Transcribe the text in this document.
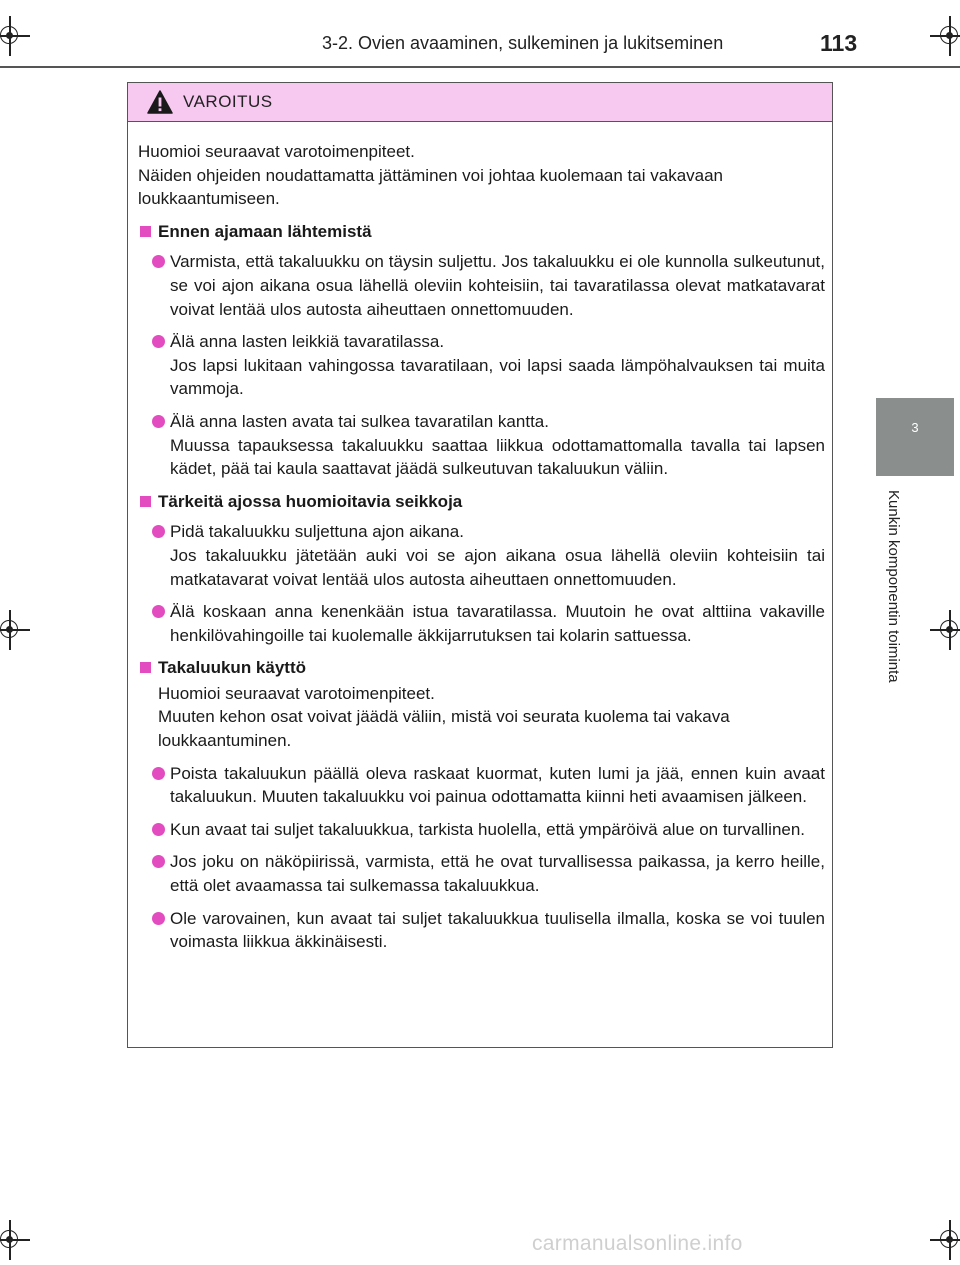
3-2. Ovien avaaminen, sulkeminen ja lukitseminen	113
3
Kunkin komponentin toiminta
VAROITUS
Huomioi seuraavat varotoimenpiteet.
Näiden ohjeiden noudattamatta jättäminen voi johtaa kuolemaan tai vakavaan loukkaantumiseen.
Ennen ajamaan lähtemistä
Varmista, että takaluukku on täysin suljettu. Jos takaluukku ei ole kunnolla sulkeutunut, se voi ajon aikana osua lähellä oleviin kohteisiin, tai tavaratilassa olevat matkatavarat voivat lentää ulos autosta aiheuttaen onnettomuuden.
Älä anna lasten leikkiä tavaratilassa.
Jos lapsi lukitaan vahingossa tavaratilaan, voi lapsi saada lämpöhalvauksen tai muita vammoja.
Älä anna lasten avata tai sulkea tavaratilan kantta.
Muussa tapauksessa takaluukku saattaa liikkua odottamattomalla tavalla tai lapsen kädet, pää tai kaula saattavat jäädä sulkeutuvan takaluukun väliin.
Tärkeitä ajossa huomioitavia seikkoja
Pidä takaluukku suljettuna ajon aikana.
Jos takaluukku jätetään auki voi se ajon aikana osua lähellä oleviin kohteisiin tai matkatavarat voivat lentää ulos autosta aiheuttaen onnettomuuden.
Älä koskaan anna kenenkään istua tavaratilassa. Muutoin he ovat alttiina vakaville henkilövahingoille tai kuolemalle äkkijarrutuksen tai kolarin sattuessa.
Takaluukun käyttö
Huomioi seuraavat varotoimenpiteet.
Muuten kehon osat voivat jäädä väliin, mistä voi seurata kuolema tai vakava loukkaantuminen.
Poista takaluukun päällä oleva raskaat kuormat, kuten lumi ja jää, ennen kuin avaat takaluukun. Muuten takaluukku voi painua odottamatta kiinni heti avaamisen jälkeen.
Kun avaat tai suljet takaluukkua, tarkista huolella, että ympäröivä alue on turvallinen.
Jos joku on näköpiirissä, varmista, että he ovat turvallisessa paikassa, ja kerro heille, että olet avaamassa tai sulkemassa takaluukkua.
Ole varovainen, kun avaat tai suljet takaluukkua tuulisella ilmalla, koska se voi tuulen voimasta liikkua äkkinäisesti.
carmanualsonline.info
